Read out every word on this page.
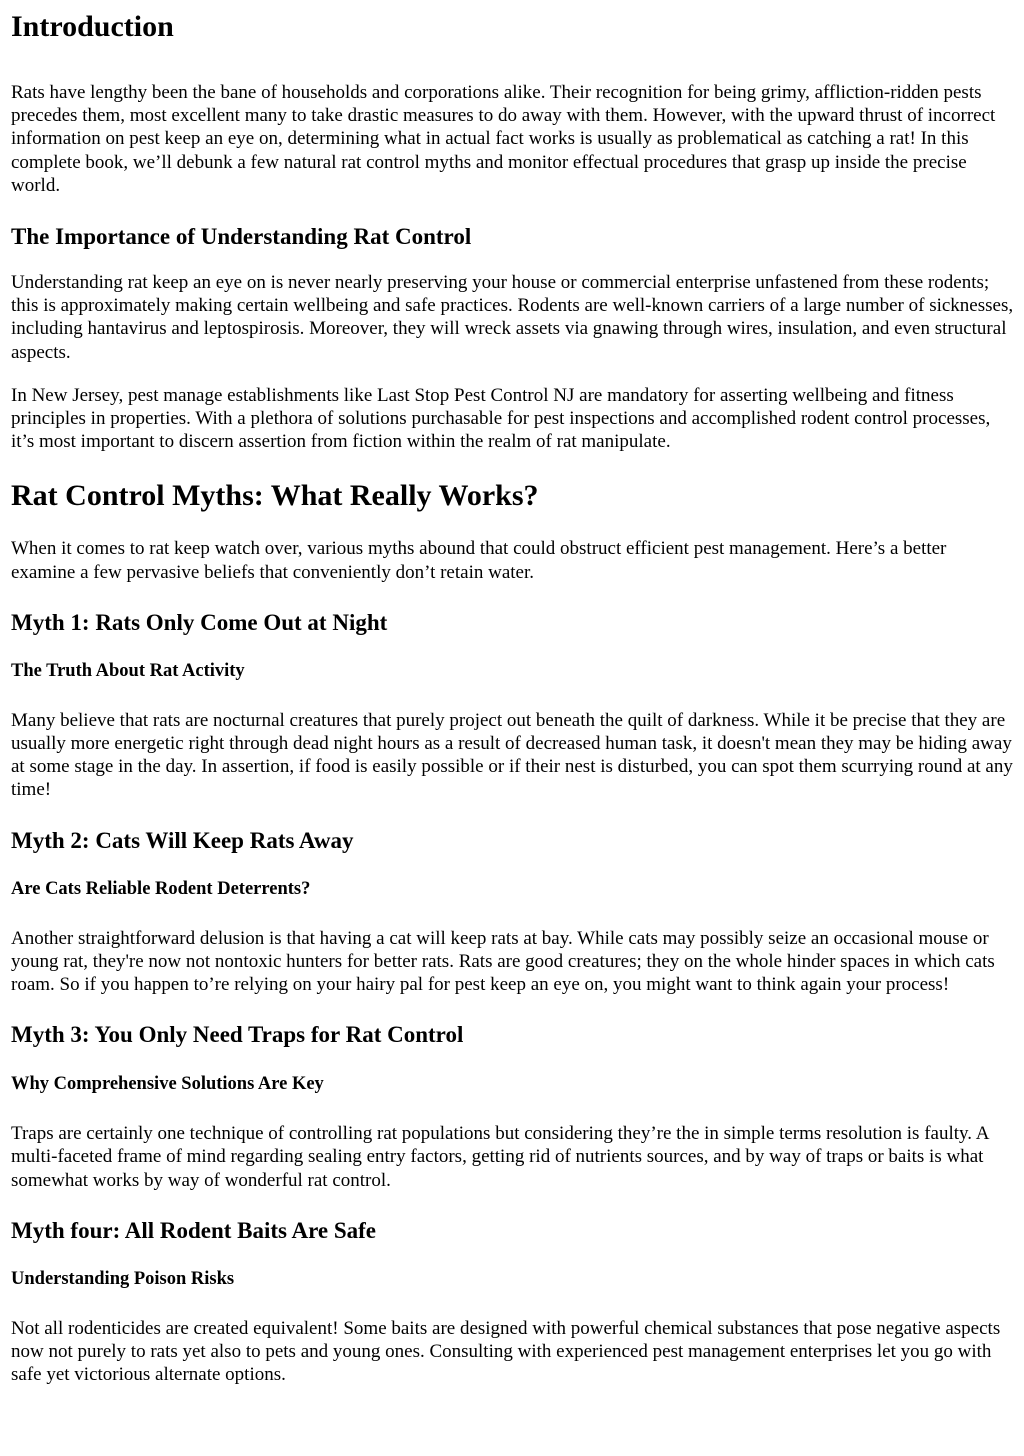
Introduction

Rats have lengthy been the bane of households and corporations alike. Their recognition for being grimy, affliction-ridden pests precedes them, most excellent many to take drastic measures to do away with them. However, with the upward thrust of incorrect information on pest keep an eye on, determining what in actual fact works is usually as problematical as catching a rat! In this complete book, we’ll debunk a few natural rat control myths and monitor effectual procedures that grasp up inside the precise world.

The Importance of Understanding Rat Control

Understanding rat keep an eye on is never nearly preserving your house or commercial enterprise unfastened from these rodents; this is approximately making certain wellbeing and safe practices. Rodents are well-known carriers of a large number of sicknesses, including hantavirus and leptospirosis. Moreover, they will wreck assets via gnawing through wires, insulation, and even structural aspects.

In New Jersey, pest manage establishments like Last Stop Pest Control NJ are mandatory for asserting wellbeing and fitness principles in properties. With a plethora of solutions purchasable for pest inspections and accomplished rodent control processes, it’s most important to discern assertion from fiction within the realm of rat manipulate.

Rat Control Myths: What Really Works?

When it comes to rat keep watch over, various myths abound that could obstruct efficient pest management. Here’s a better examine a few pervasive beliefs that conveniently don’t retain water.

Myth 1: Rats Only Come Out at Night
The Truth About Rat Activity

Many believe that rats are nocturnal creatures that purely project out beneath the quilt of darkness. While it be precise that they are usually more energetic right through dead night hours as a result of decreased human task, it doesn't mean they may be hiding away at some stage in the day. In assertion, if food is easily possible or if their nest is disturbed, you can spot them scurrying round at any time!

Myth 2: Cats Will Keep Rats Away
Are Cats Reliable Rodent Deterrents?

Another straightforward delusion is that having a cat will keep rats at bay. While cats may possibly seize an occasional mouse or young rat, they're now not nontoxic hunters for better rats. Rats are good creatures; they on the whole hinder spaces in which cats roam. So if you happen to’re relying on your hairy pal for pest keep an eye on, you might want to think again your process!

Myth 3: You Only Need Traps for Rat Control
Why Comprehensive Solutions Are Key

Traps are certainly one technique of controlling rat populations but considering they’re the in simple terms resolution is faulty. A multi-faceted frame of mind regarding sealing entry factors, getting rid of nutrients sources, and by way of traps or baits is what somewhat works by way of wonderful rat control.

Myth four: All Rodent Baits Are Safe
Understanding Poison Risks

Not all rodenticides are created equivalent! Some baits are designed with powerful chemical substances that pose negative aspects now not purely to rats yet also to pets and young ones. Consulting with experienced pest management enterprises let you go with safe yet victorious alternate options.
